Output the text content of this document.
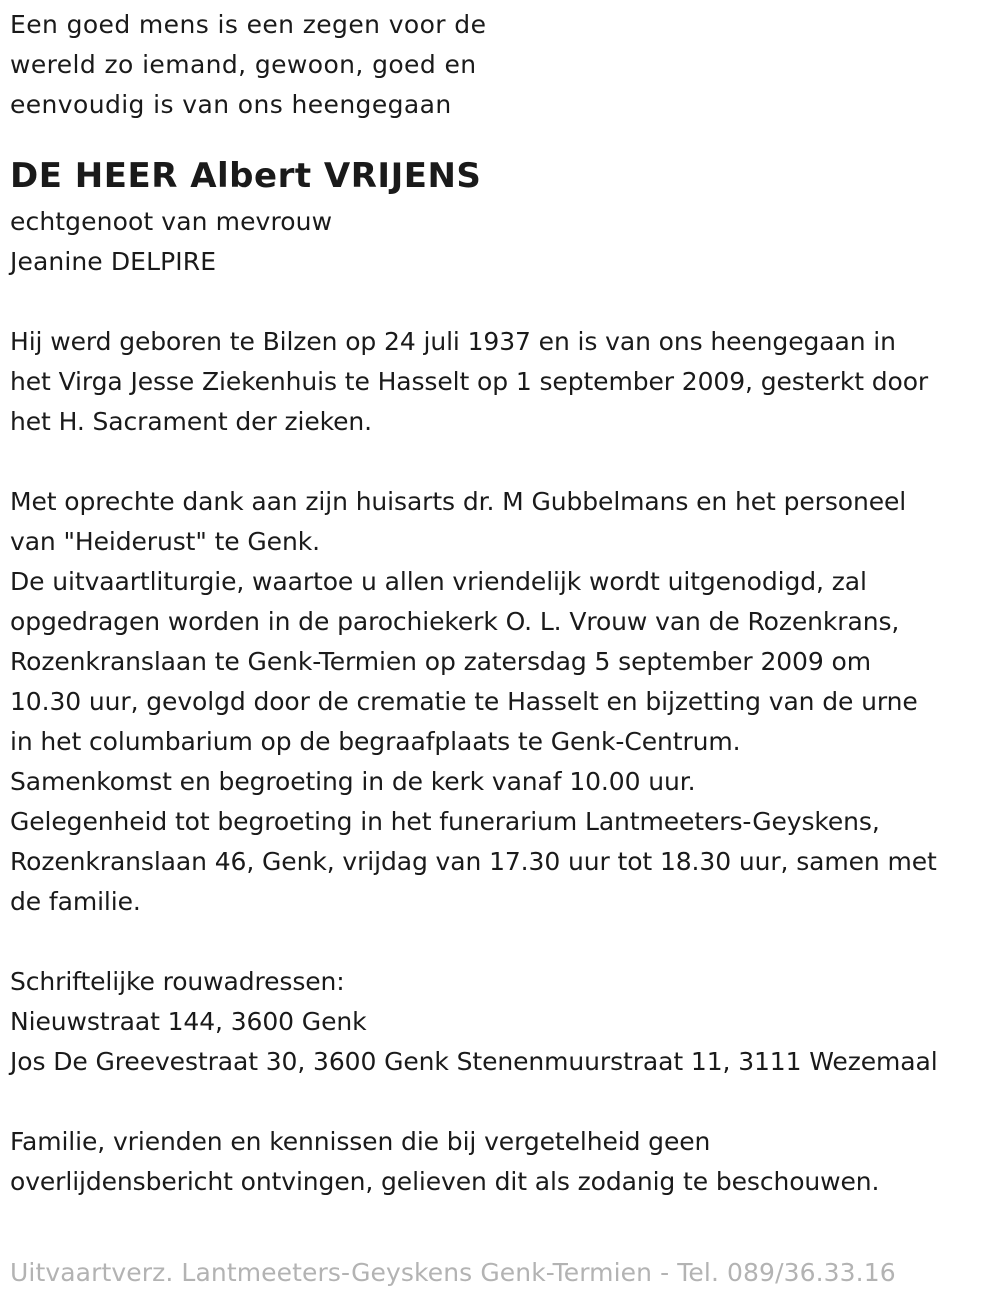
Een goed mens is een zegen voor de
wereld zo iemand, gewoon, goed en
eenvoudig is van ons heengegaan
DE HEER Albert VRIJENS
echtgenoot van mevrouw
Jeanine DELPIRE
Hij werd geboren te Bilzen op 24 juli 1937 en is van ons heengegaan in
het Virga Jesse Ziekenhuis te Hasselt op 1 september 2009, gesterkt door
het H. Sacrament der zieken.
Met oprechte dank aan zijn huisarts dr. M Gubbelmans en het personeel
van "Heiderust" te Genk.
De uitvaartliturgie, waartoe u allen vriendelijk wordt uitgenodigd, zal
opgedragen worden in de parochiekerk O. L. Vrouw van de Rozenkrans,
Rozenkranslaan te Genk-Termien op zatersdag 5 september 2009 om
10.30 uur, gevolgd door de crematie te Hasselt en bijzetting van de urne
in het columbarium op de begraafplaats te Genk-Centrum.
Samenkomst en begroeting in de kerk vanaf 10.00 uur.
Gelegenheid tot begroeting in het funerarium Lantmeeters-Geyskens,
Rozenkranslaan 46, Genk, vrijdag van 17.30 uur tot 18.30 uur, samen met
de familie.
Schriftelijke rouwadressen:
Nieuwstraat 144, 3600 Genk
Jos De Greevestraat 30, 3600 Genk Stenenmuurstraat 11, 3111 Wezemaal
Familie, vrienden en kennissen die bij vergetelheid geen
overlijdensbericht ontvingen, gelieven dit als zodanig te beschouwen.
Uitvaartverz. Lantmeeters-Geyskens Genk-Termien - Tel. 089/36.33.16
